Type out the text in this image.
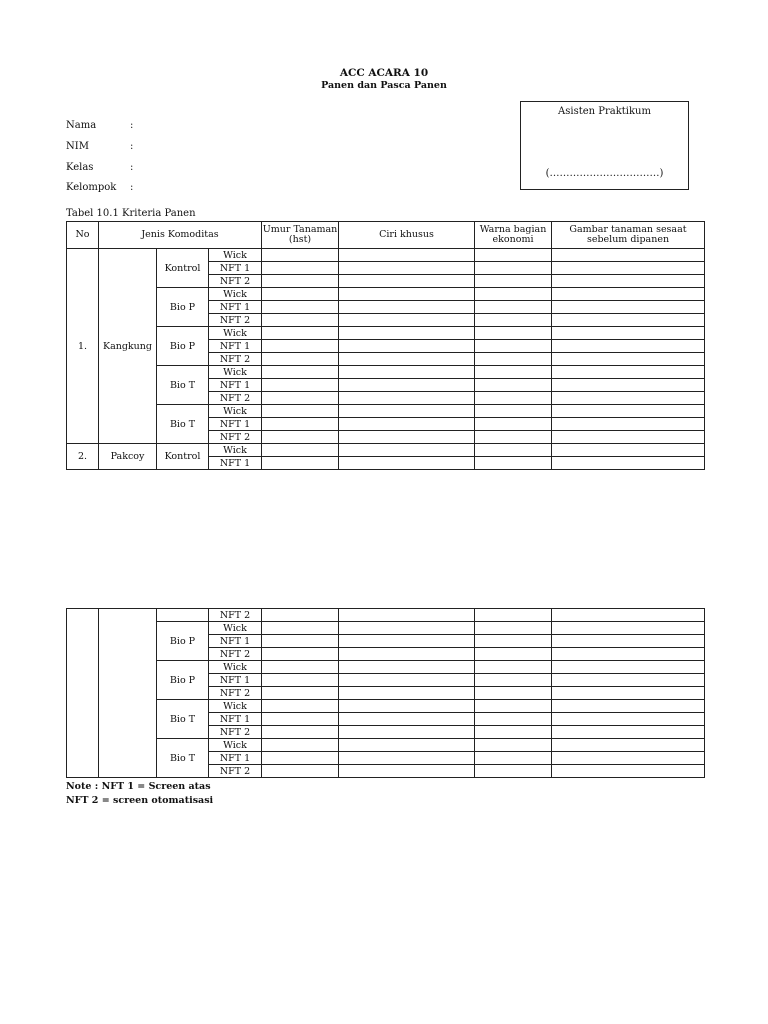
ACC ACARA 10
Panen dan Pasca Panen
Asisten Praktikum
(……………………………)
Nama	:
NIM	:
Kelas	:
Kelompok :
Tabel 10.1 Kriteria Panen
No	Jenis Komoditas			Umur Tanaman (hst)	Ciri khusus	Warna bagian ekonomi	Gambar tanaman sesaat sebelum dipanen
1.	Kangkung	Kontrol	Wick				
			NFT 1				
			NFT 2				
		Bio P	Wick				
			NFT 1				
			NFT 2				
		Bio P	Wick				
			NFT 1				
			NFT 2				
		Bio T	Wick				
			NFT 1				
			NFT 2				
		Bio T	Wick				
			NFT 1				
			NFT 2				
2.	Pakcoy	Kontrol	Wick				
			NFT 1				
			NFT 2				
		Bio P	Wick				
			NFT 1				
			NFT 2				
		Bio P	Wick				
			NFT 1				
			NFT 2				
		Bio T	Wick				
			NFT 1				
			NFT 2				
		Bio T	Wick				
			NFT 1				
			NFT 2				
Note : NFT 1 = Screen atas
NFT 2 = screen otomatisasi
